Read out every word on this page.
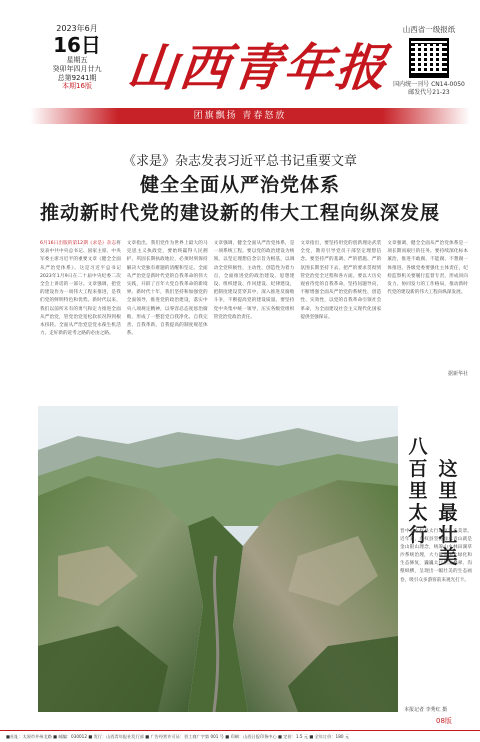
2023年6月
16日
星期五
癸卯年四月廿九
总第9241期
本期16版 山西青年报
山西省一级报纸
国内统一刊号 CN14-0050
邮发代号21-23
团旗飘扬 青春怒放
《求是》杂志发表习近平总书记重要文章
健全全面从严治党体系
推动新时代党的建设新的伟大工程向纵深发展
6月16日出版的第12期《求是》杂志将发表中共中央总书记、国家主席、中央军委主席习近平的重要文章《健全全面从严治党体系》。这是习近平总书记2023年1月9日在二十届中央纪委二次全会上讲话的一部分。文章强调，把党的建设作为一项伟大工程来推进，是我们党的鲜明特色和优势。新时代以来，我们以前所未有的勇气和定力推进全面从严治党，管党治党宽松软状况得到根本扭转。全面从严治党是党永葆生机活力、走好新的赶考之路的必由之路。
文章指出，我们党作为世界上最大的马克思主义执政党，要始终赢得人民拥护、巩固长期执政地位，必须时刻保持解决大党独有难题的清醒和坚定。全面从严治党是新时代党的自我革命的伟大实践，开辟了百年大党自我革命的新境界。新时代十年，我们坚持和加强党的全面领导，推进党的政治建设，落实中央八项规定精神，以零容忍态度惩治腐败，形成了一整套党自我净化、自我完善、自我革新、自我提高的制度规范体系。
文章强调，健全全面从严治党体系，是一项系统工程。要以党的政治建设为统领，以坚定理想信念宗旨为根基，以调动全党积极性、主动性、创造性为着力点，全面推进党的政治建设、思想建设、组织建设、作风建设、纪律建设，把制度建设贯穿其中，深入推进反腐败斗争，不断提高党的建设质量。要坚持党中央集中统一领导，压实各级党组织管党治党政治责任。
文章指出，要坚持用党的创新理论武装全党，教育引导党员干部坚定理想信念。要坚持严的基调、严的措施、严的氛围长期坚持下去，把严的要求贯彻到管党治党全过程和各方面。要以大历史观看待党的自我革命，坚持问题导向，不断增强全面从严治党的系统性、创造性、实效性，以党的自我革命引领社会革命，为全面建设社会主义现代化国家提供坚强保证。
文章强调，健全全面从严治党体系是一项长期而艰巨的任务。要持续深化标本兼治，推进不敢腐、不能腐、不想腐一体推进。各级党委要强化主体责任，纪检监察机关要履行监督专责，形成同向发力、协同发力的工作格局，推动新时代党的建设新的伟大工程向纵深发展。
据新华社
八
百
里
太
行
这
里
最
壮
美
晋中市左权县太行山区生态美景。近年来，左权县坚持绿水青山就是金山银山理念，统筹山水林田湖草沙系统治理，大力推进国土绿化和生态修复，巍巍太行层峦叠翠、沟壑纵横，呈现出一幅壮美的生态画卷，吸引众多游客前来观光打卡。
本报记者 李秀红 摄
08版
■社址：太原市并州北路 ■ 邮编：030012 ■ 发行：山西青年报社发行部 ■ 广告经营许可证：晋工商广字第 001 号 ■ 印刷：山西日报印务中心 ■ 定价：1.5 元 ■ 全年订价：180 元
